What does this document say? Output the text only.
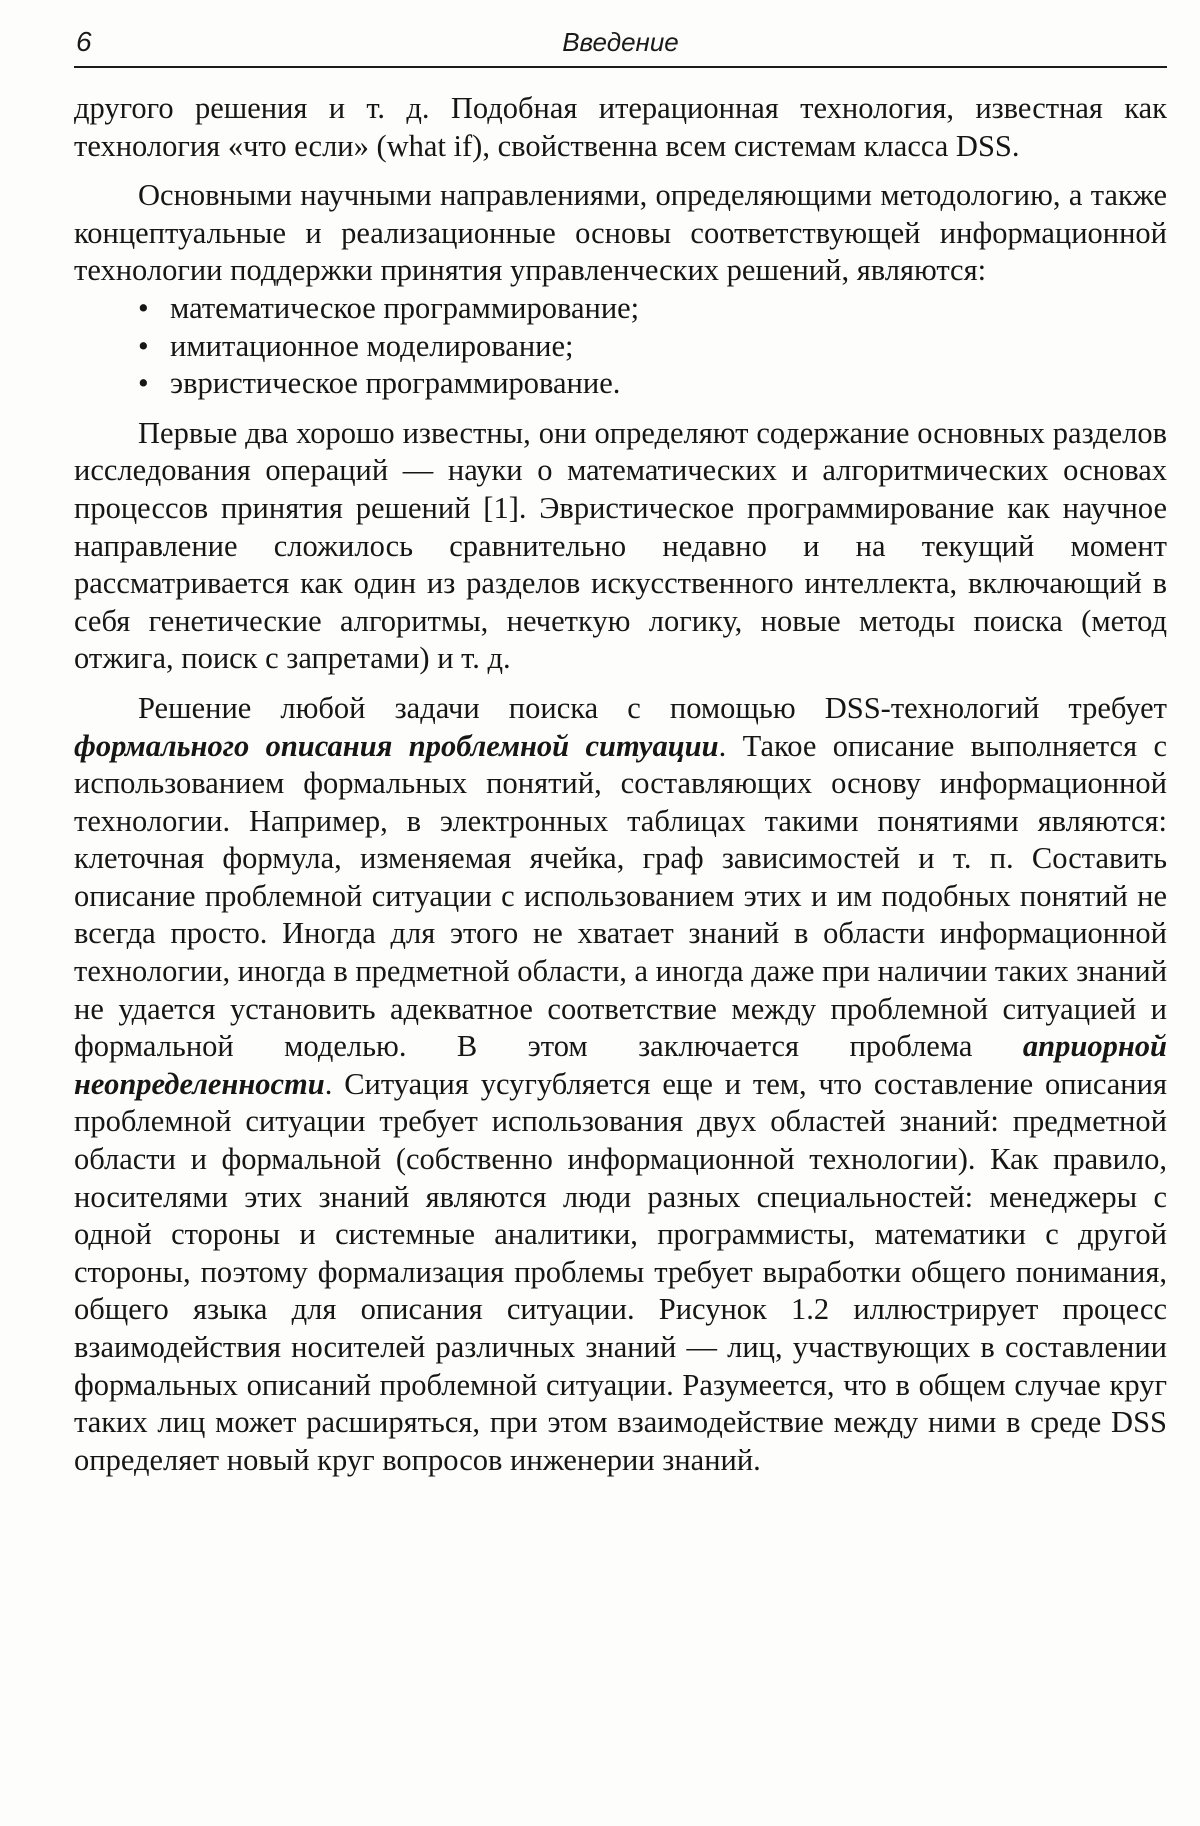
6	Введение

другого решения и т. д. Подобная итерационная технология, известная как технология «что если» (what if), свойственна всем системам класса DSS.

Основными научными направлениями, определяющими методологию, а также концептуальные и реализационные основы соответствующей информационной технологии поддержки принятия управленческих решений, являются:

• математическое программирование;
• имитационное моделирование;
• эвристическое программирование.

Первые два хорошо известны, они определяют содержание основных разделов исследования операций — науки о математических и алгоритмических основах процессов принятия решений [1]. Эвристическое программирование как научное направление сложилось сравнительно недавно и на текущий момент рассматривается как один из разделов искусственного интеллекта, включающий в себя генетические алгоритмы, нечеткую логику, новые методы поиска (метод отжига, поиск с запретами) и т. д.

Решение любой задачи поиска с помощью DSS-технологий требует формального описания проблемной ситуации. Такое описание выполняется с использованием формальных понятий, составляющих основу информационной технологии. Например, в электронных таблицах такими понятиями являются: клеточная формула, изменяемая ячейка, граф зависимостей и т. п. Составить описание проблемной ситуации с использованием этих и им подобных понятий не всегда просто. Иногда для этого не хватает знаний в области информационной технологии, иногда в предметной области, а иногда даже при наличии таких знаний не удается установить адекватное соответствие между проблемной ситуацией и формальной моделью. В этом заключается проблема априорной неопределенности. Ситуация усугубляется еще и тем, что составление описания проблемной ситуации требует использования двух областей знаний: предметной области и формальной (собственно информационной технологии). Как правило, носителями этих знаний являются люди разных специальностей: менеджеры с одной стороны и системные аналитики, программисты, математики с другой стороны, поэтому формализация проблемы требует выработки общего понимания, общего языка для описания ситуации. Рисунок 1.2 иллюстрирует процесс взаимодействия носителей различных знаний — лиц, участвующих в составлении формальных описаний проблемной ситуации. Разумеется, что в общем случае круг таких лиц может расширяться, при этом взаимодействие между ними в среде DSS определяет новый круг вопросов инженерии знаний.
